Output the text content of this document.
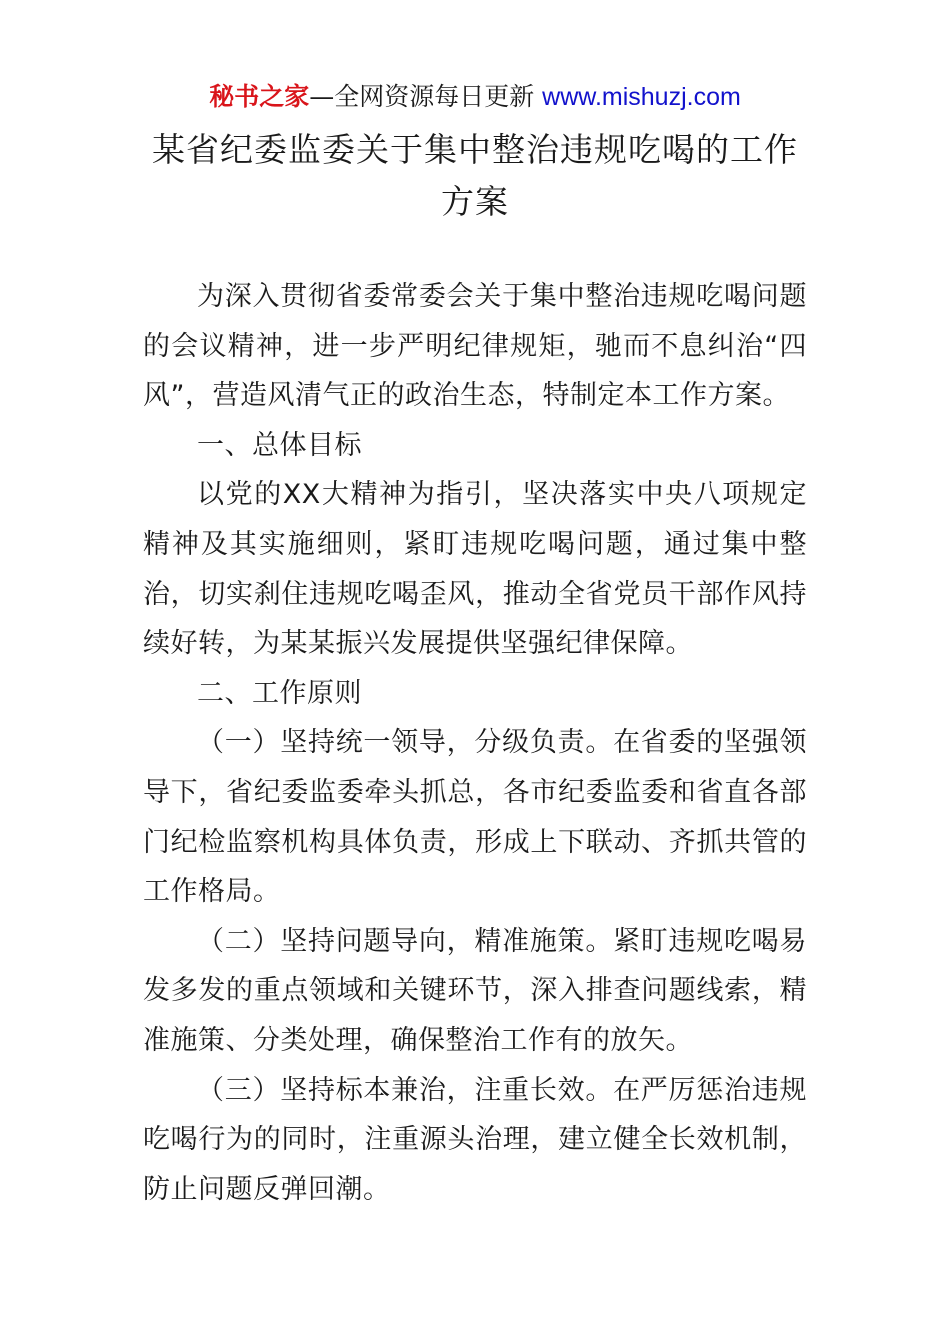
秘书之家—全网资源每日更新 www.mishuzj.com
某省纪委监委关于集中整治违规吃喝的工作方案

为深入贯彻省委常委会关于集中整治违规吃喝问题的会议精神，进一步严明纪律规矩，驰而不息纠治“四风”，营造风清气正的政治生态，特制定本工作方案。

一、总体目标

以党的XX大精神为指引，坚决落实中央八项规定精神及其实施细则，紧盯违规吃喝问题，通过集中整治，切实刹住违规吃喝歪风，推动全省党员干部作风持续好转，为某某振兴发展提供坚强纪律保障。

二、工作原则

（一）坚持统一领导，分级负责。在省委的坚强领导下，省纪委监委牵头抓总，各市纪委监委和省直各部门纪检监察机构具体负责，形成上下联动、齐抓共管的工作格局。

（二）坚持问题导向，精准施策。紧盯违规吃喝易发多发的重点领域和关键环节，深入排查问题线索，精准施策、分类处理，确保整治工作有的放矢。

（三）坚持标本兼治，注重长效。在严厉惩治违规吃喝行为的同时，注重源头治理，建立健全长效机制，防止问题反弹回潮。
